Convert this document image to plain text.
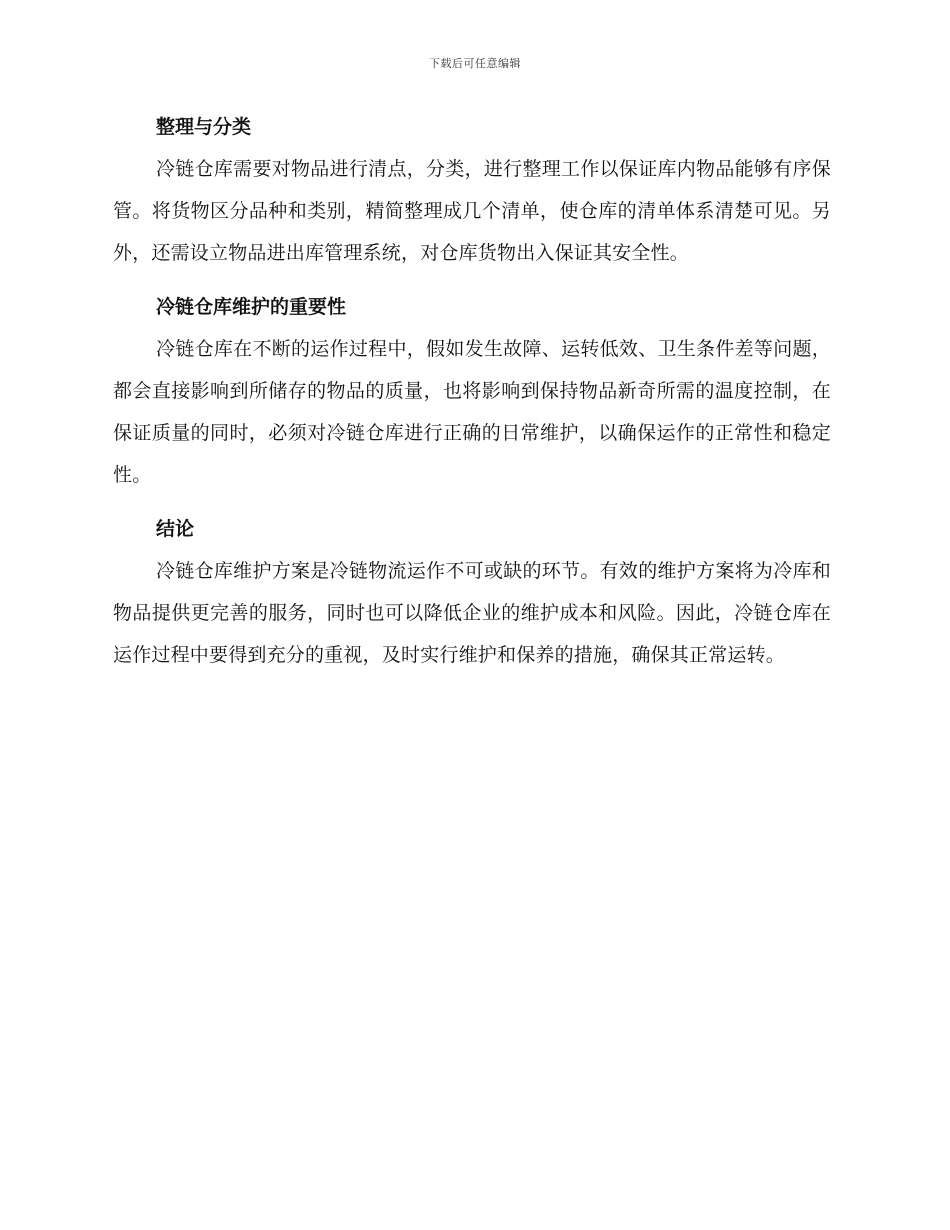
下载后可任意编辑
整理与分类

冷链仓库需要对物品进行清点，分类，进行整理工作以保证库内物品能够有序保管。将货物区分品种和类别，精简整理成几个清单，使仓库的清单体系清楚可见。另外，还需设立物品进出库管理系统，对仓库货物出入保证其安全性。

冷链仓库维护的重要性

冷链仓库在不断的运作过程中，假如发生故障、运转低效、卫生条件差等问题，都会直接影响到所储存的物品的质量，也将影响到保持物品新奇所需的温度控制，在保证质量的同时，必须对冷链仓库进行正确的日常维护，以确保运作的正常性和稳定性。

结论

冷链仓库维护方案是冷链物流运作不可或缺的环节。有效的维护方案将为冷库和物品提供更完善的服务，同时也可以降低企业的维护成本和风险。因此，冷链仓库在运作过程中要得到充分的重视，及时实行维护和保养的措施，确保其正常运转。
